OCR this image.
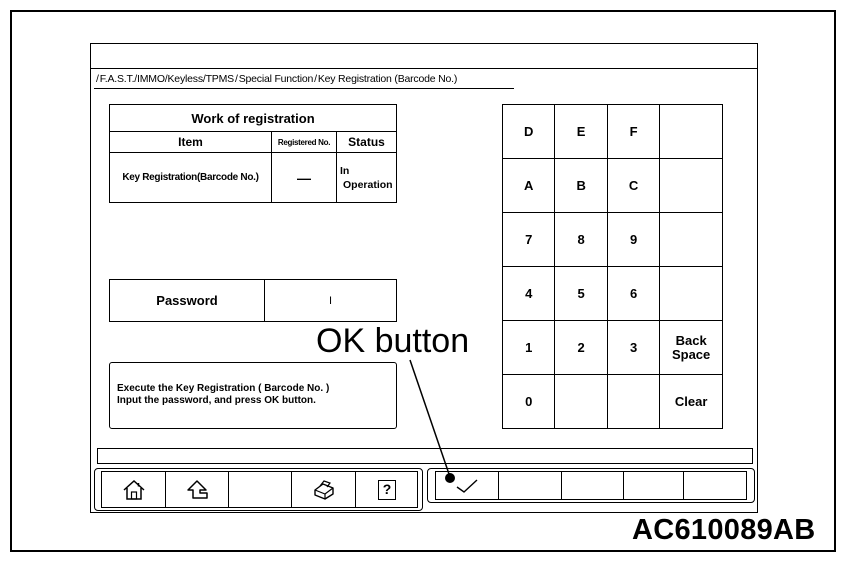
/F.A.S.T./IMMO/Keyless/TPMS/Special Function/Key Registration (Barcode No.)
Work of registration		
Item	Registered No.	Status
Key Registration(Barcode No.)	—	In
Operation
Password	I
Execute the Key Registration ( Barcode No. )
Input the password, and press OK button.
D	E	F	
A	B	C	
7	8	9	
4	5	6	
1	2	3	Back Space
0			Clear
OK button
?
AC610089AB
